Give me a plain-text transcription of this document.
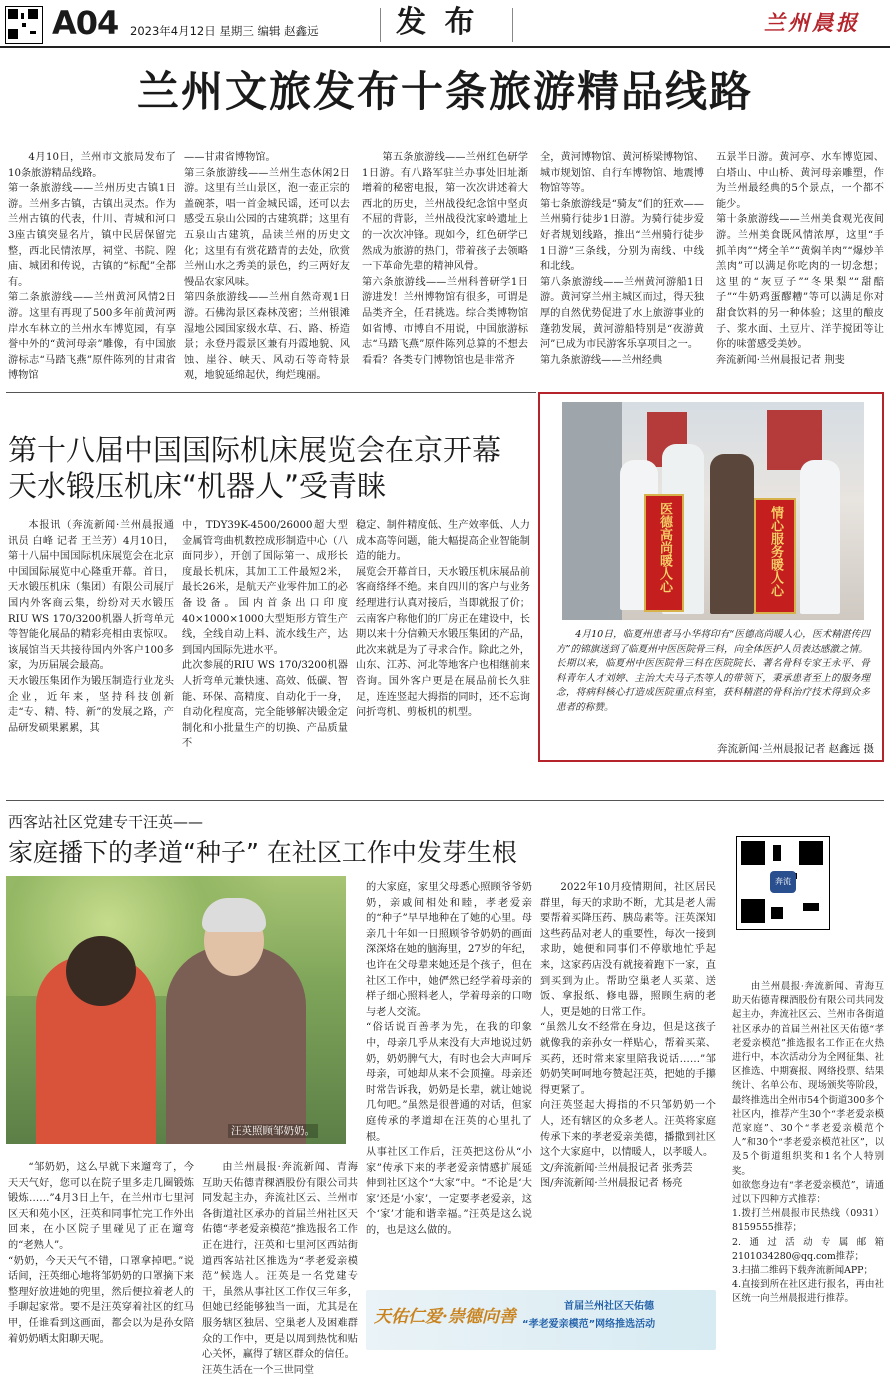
A04 2023年4月12日 星期三 编辑 赵鑫远	发 布	兰州晨报
兰州文旅发布十条旅游精品线路

4月10日，兰州市文旅局发布了10条旅游精品线路。
第一条旅游线——兰州历史古镇1日游。兰州多古镇，古镇出灵杰。作为兰州古镇的代表，什川、青城和河口3座古镇突显名片，镇中民居保留完整，西北民情浓厚，祠堂、书院、隍庙、城团和传说，古镇的“标配”全都有。
第二条旅游线——兰州黄河风情2日游。这里有再现了500多年前黄河两岸水车林立的兰州水车博览园，有享誉中外的“黄河母亲”雕像，有中国旅游标志“马踏飞燕”原件陈列的甘肃省博物馆

——甘肃省博物馆。
第三条旅游线——兰州生态休闲2日游。这里有兰山景区，泡一壶正宗的盖碗茶，唱一首金城民谣，还可以去感受五泉山公园的古建筑群；这里有五泉山古建筑，品读兰州的历史文化；这里有有赏花踏青的去处，欣赏兰州山水之秀美的景色，约三两好友慢品农家风味。
第四条旅游线——兰州自然奇观1日游。石佛沟景区森林茂密；兰州银滩湿地公园国家级水草、石、路、桥造景；永登丹霞景区兼有丹霞地貌、风蚀、崖谷、峡天、风动石等奇特景观，地貌延绵起伏，绚烂瑰丽。

第五条旅游线——兰州红色研学1日游。有八路军驻兰办事处旧址渐增着的秘密电报，第一次次讲述着大西北的历史，兰州战役纪念馆中坚贞不屈的背影，兰州战役沈家岭遗址上的一次次冲锋。现如今，红色研学已然成为旅游的热门，带着孩子去领略一下革命先辈的精神风骨。
第六条旅游线——兰州科普研学1日游进发！兰州博物馆有很多，可谓是品类齐全，任君挑选。综合类博物馆如省博、市博自不用说，中国旅游标志“马踏飞燕”原件陈列总算的不想去看看？各类专门博物馆也是非常齐

全，黄河博物馆、黄河桥梁博物馆、城市规划馆、自行车博物馆、地震博物馆等等。
第七条旅游线是“骑友”们的狂欢——兰州骑行徒步1日游。为骑行徒步爱好者规划线路，推出“兰州骑行徒步1日游”三条线，分别为南线、中线和北线。
第八条旅游线——兰州黄河游船1日游。黄河穿兰州主城区而过，得天独厚的自然优势促进了水上旅游事业的蓬勃发展，黄河游船特别是“夜游黄河”已成为市民游客乐享项目之一。
第九条旅游线——兰州经典

五景半日游。黄河亭、水车博览园、白塔山、中山桥、黄河母亲雕塑，作为兰州最经典的5个景点，一个都不能少。
第十条旅游线——兰州美食观光夜间游。兰州美食既风情浓厚，这里“手抓羊肉”“烤全羊”“黄焖羊肉”“爆炒羊羔肉”可以满足你吃肉的一切念想；这里的“灰豆子”“冬果梨”“甜醅子”“牛奶鸡蛋醪糟”等可以满足你对甜食饮料的另一种体验；这里的酿皮子、浆水面、土豆片、洋芋搅团等让你的味蕾感受美妙。
奔流新闻·兰州晨报记者 荆斐

第十八届中国国际机床展览会在京开幕
天水锻压机床“机器人”受青睐

本报讯（奔流新闻·兰州晨报通讯员 白峰 记者 王兰芳）4月10日，第十八届中国国际机床展览会在北京中国国际展览中心隆重开幕。首日，天水锻压机床（集团）有限公司展厅国内外客商云集，纷纷对天水锻压RIU WS 170/3200机器人折弯单元等智能化展品的精彩亮相由衷惊叹。该展馆当天共接待国内外客户100多家，为历届展会最高。
天水锻压集团作为锻压制造行业龙头企业，近年来，坚持科技创新走“专、精、特、新”的发展之路，产品研发硕果累累，其

中，TDY39K-4500/26000超大型金属管弯曲机数控成形制造中心（八面同步），开创了国际第一、成形长度最长机床，其加工工件最短2米，最长26米，是航天产业零件加工的必备设备。国内首条出口印度40×1000×1000大型矩形方管生产线，全线自动上料、流水线生产，达到国内国际先进水平。
此次参展的RIU WS 170/3200机器人折弯单元兼快速、高效、低碳、智能、环保、高精度、自动化于一身，自动化程度高，完全能够解决锻金定制化和小批量生产的切换、产品质量不

稳定、制件精度低、生产效率低、人力成本高等问题，能大幅提高企业智能制造的能力。
展览会开幕首日，天水锻压机床展品前客商络绎不绝。来自四川的客户与业务经理进行认真对接后，当即就报了价；云南客户称他们的厂房正在建设中，长期以来十分信赖天水锻压集团的产品，此次来就是为了寻求合作。除此之外，山东、江苏、河北等地客户也相继前来咨询。国外客户更是在展品前长久驻足，连连竖起大拇指的同时，还不忘询问折弯机、剪板机的机型。

医德高尚暖人心	情心服务暖人心

4月10日，临夏州患者马小华将印有“医德高尚暖人心，医术精湛传四方”的锦旗送到了临夏州中医医院骨三科，向全体医护人员表达感激之情。
长期以来，临夏州中医医院骨三科在医院院长、著名骨科专家王永平、骨科青年人才刘婷、主治大夫马子杰等人的带领下，秉承患者至上的服务理念，将病科核心打造成医院重点科室，获科精湛的骨科治疗技术得到众多患者的称赞。

奔流新闻·兰州晨报记者 赵鑫远 摄
西客站社区党建专干汪英——
家庭播下的孝道“种子” 在社区工作中发芽生根
汪英照顾邹奶奶。

“邹奶奶，这么早就下来遛弯了，今天天气好，您可以在院子里多走几圈锻炼锻炼……”4月3日上午，在兰州市七里河区天和苑小区，汪英和同事忙完工作外出回来，在小区院子里碰见了正在遛弯的“老熟人”。
“奶奶，今天天气不错，口罩拿掉吧。”说话间，汪英细心地将邹奶奶的口罩摘下来整理好放进她的兜里，然后便拉着老人的手聊起家常。要不是汪英穿着社区的红马甲，任谁看到这画面，都会以为是孙女陪着奶奶晒太阳聊天呢。

由兰州晨报·奔流新闻、青海互助天佑德青稞酒股份有限公司共同发起主办，奔流社区云、兰州市各街道社区承办的首届兰州社区天佑德“孝老爱亲模范”推选报名工作正在进行，汪英和七里河区西站街道西客站社区推选为“孝老爱亲模范”候选人。汪英是一名党建专干，虽然从事社区工作仅三年多，但她已经能够独当一面，尤其是在服务辖区独居、空巢老人及困难群众的工作中，更是以周到热忱和贴心关怀，赢得了辖区群众的信任。
汪英生活在一个三世同堂

的大家庭，家里父母悉心照顾爷爷奶奶，亲戚间相处和睦，孝老爱亲的“种子”早早地种在了她的心里。母亲几十年如一日照顾爷爷奶奶的画面深深烙在她的脑海里，27岁的年纪，也许在父母辈来她还是个孩子，但在社区工作中，她俨然已经学着母亲的样子细心照料老人，学着母亲的口吻与老人交流。
“俗话说百善孝为先，在我的印象中，母亲几乎从来没有大声地说过奶奶，奶奶脾气大，有时也会大声呵斥母亲，可她却从来不会顶撞。母亲还时常告诉我，奶奶是长辈，就让她说几句吧。”虽然是很普通的对话，但家庭传承的孝道却在汪英的心里扎了根。
从事社区工作后，汪英把这份从“小家”传承下来的孝老爱亲情感扩展延伸到社区这个“大家”中。“不论是‘大家’还是‘小家’，一定要孝老爱亲，这个‘家’才能和谐幸福。”汪英是这么说的，也是这么做的。

2022年10月疫情期间，社区居民群里，每天的求助不断，尤其是老人需要帮着买降压药、胰岛素等。汪英深知这些药品对老人的重要性，每次一接到求助，她便和同事们不停歇地忙乎起来，这家药店没有就接着跑下一家，直到买到为止。帮助空巢老人买菜、送饭、拿报纸、修电器，照顾生病的老人，更是她的日常工作。
“虽然儿女不经常在身边，但是这孩子就像我的亲孙女一样贴心，帮着买菜、买药，还时常来家里陪我说话……”邹奶奶笑呵呵地夸赞起汪英，把她的手攥得更紧了。
向汪英竖起大拇指的不只邹奶奶一个人，还有辖区的众多老人。汪英将家庭传承下来的孝老爱亲美德，播撒到社区这个大家庭中，以情暖人，以孝暖人。
文/奔流新闻·兰州晨报记者 张秀芸
图/奔流新闻·兰州晨报记者 杨亮

奔流

由兰州晨报·奔流新闻、青海互助天佑德青稞酒股份有限公司共同发起主办，奔流社区云、兰州市各街道社区承办的首届兰州社区天佑德“孝老爱亲模范”推选报名工作正在火热进行中，本次活动分为全网征集、社区推选、中期赛报、网络投票、结果统计、名单公布、现场颁奖等阶段，最终推选出全州市54个街道300多个社区内，推荐产生30个“孝老爱亲模范家庭”、30个“孝老爱亲模范个人”和30个“孝老爱亲模范社区”，以及5个街道组织奖和1名个人特别奖。
如欲您身边有“孝老爱亲模范”，请通过以下四种方式推荐：
1.拨打兰州晨报市民热线（0931）8159555推荐；
2.通过活动专属邮箱2101034280@qq.com推荐；
3.扫描二维码下载奔流新闻APP；
4.直接到所在社区进行报名，再由社区统一向兰州晨报进行推荐。

天佑仁爱·崇德向善
首届兰州社区天佑德
“孝老爱亲模范”网络推选活动
